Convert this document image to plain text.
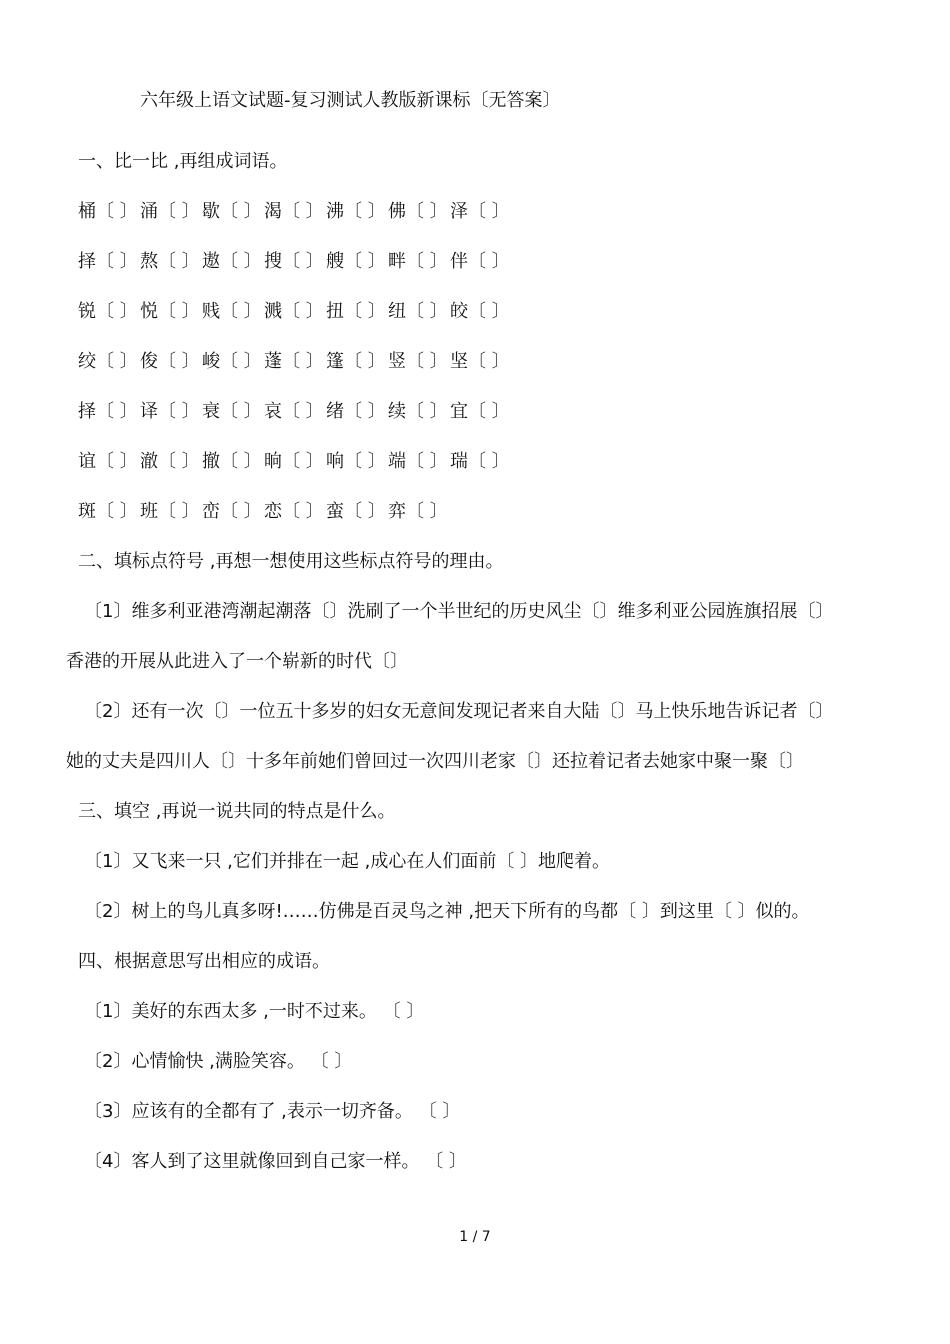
六年级上语文试题-复习测试人教版新课标〔无答案〕
一、比一比 ,再组成词语。
桶〔 〕 涌〔 〕 歇〔 〕 渴〔 〕 沸〔 〕 佛〔 〕 泽〔 〕
择〔 〕 熬〔 〕 遨〔 〕 搜〔 〕 艘〔 〕 畔〔 〕 伴〔 〕
锐〔 〕 悦〔 〕 贱〔 〕 溅〔 〕 扭〔 〕 纽〔 〕 皎〔 〕
绞〔 〕 俊〔 〕 峻〔 〕 蓬〔 〕 篷〔 〕 竖〔 〕 坚〔 〕
择〔 〕 译〔 〕 衰〔 〕 哀〔 〕 绪〔 〕 续〔 〕 宜〔 〕
谊〔 〕 澈〔 〕 撤〔 〕 晌〔 〕 响〔 〕 端〔 〕 瑞〔 〕
斑〔 〕 班〔 〕 峦〔 〕 恋〔 〕 蛮〔 〕 弈〔 〕
二、填标点符号 ,再想一想使用这些标点符号的理由。
〔1〕维多利亚港湾潮起潮落〔〕洗刷了一个半世纪的历史风尘〔〕维多利亚公园旌旗招展〔〕
香港的开展从此进入了一个崭新的时代〔〕
〔2〕还有一次〔〕一位五十多岁的妇女无意间发现记者来自大陆〔〕马上快乐地告诉记者〔〕
她的丈夫是四川人〔〕十多年前她们曾回过一次四川老家〔〕还拉着记者去她家中聚一聚〔〕
三、填空 ,再说一说共同的特点是什么。
〔1〕又飞来一只 ,它们并排在一起 ,成心在人们面前〔 〕地爬着。
〔2〕树上的鸟儿真多呀!……仿佛是百灵鸟之神 ,把天下所有的鸟都〔 〕到这里〔 〕似的。
四、根据意思写出相应的成语。
〔1〕美好的东西太多 ,一时不过来。 〔 〕
〔2〕心情愉快 ,满脸笑容。 〔 〕
〔3〕应该有的全都有了 ,表示一切齐备。 〔 〕
〔4〕客人到了这里就像回到自己家一样。 〔 〕
1 / 7
